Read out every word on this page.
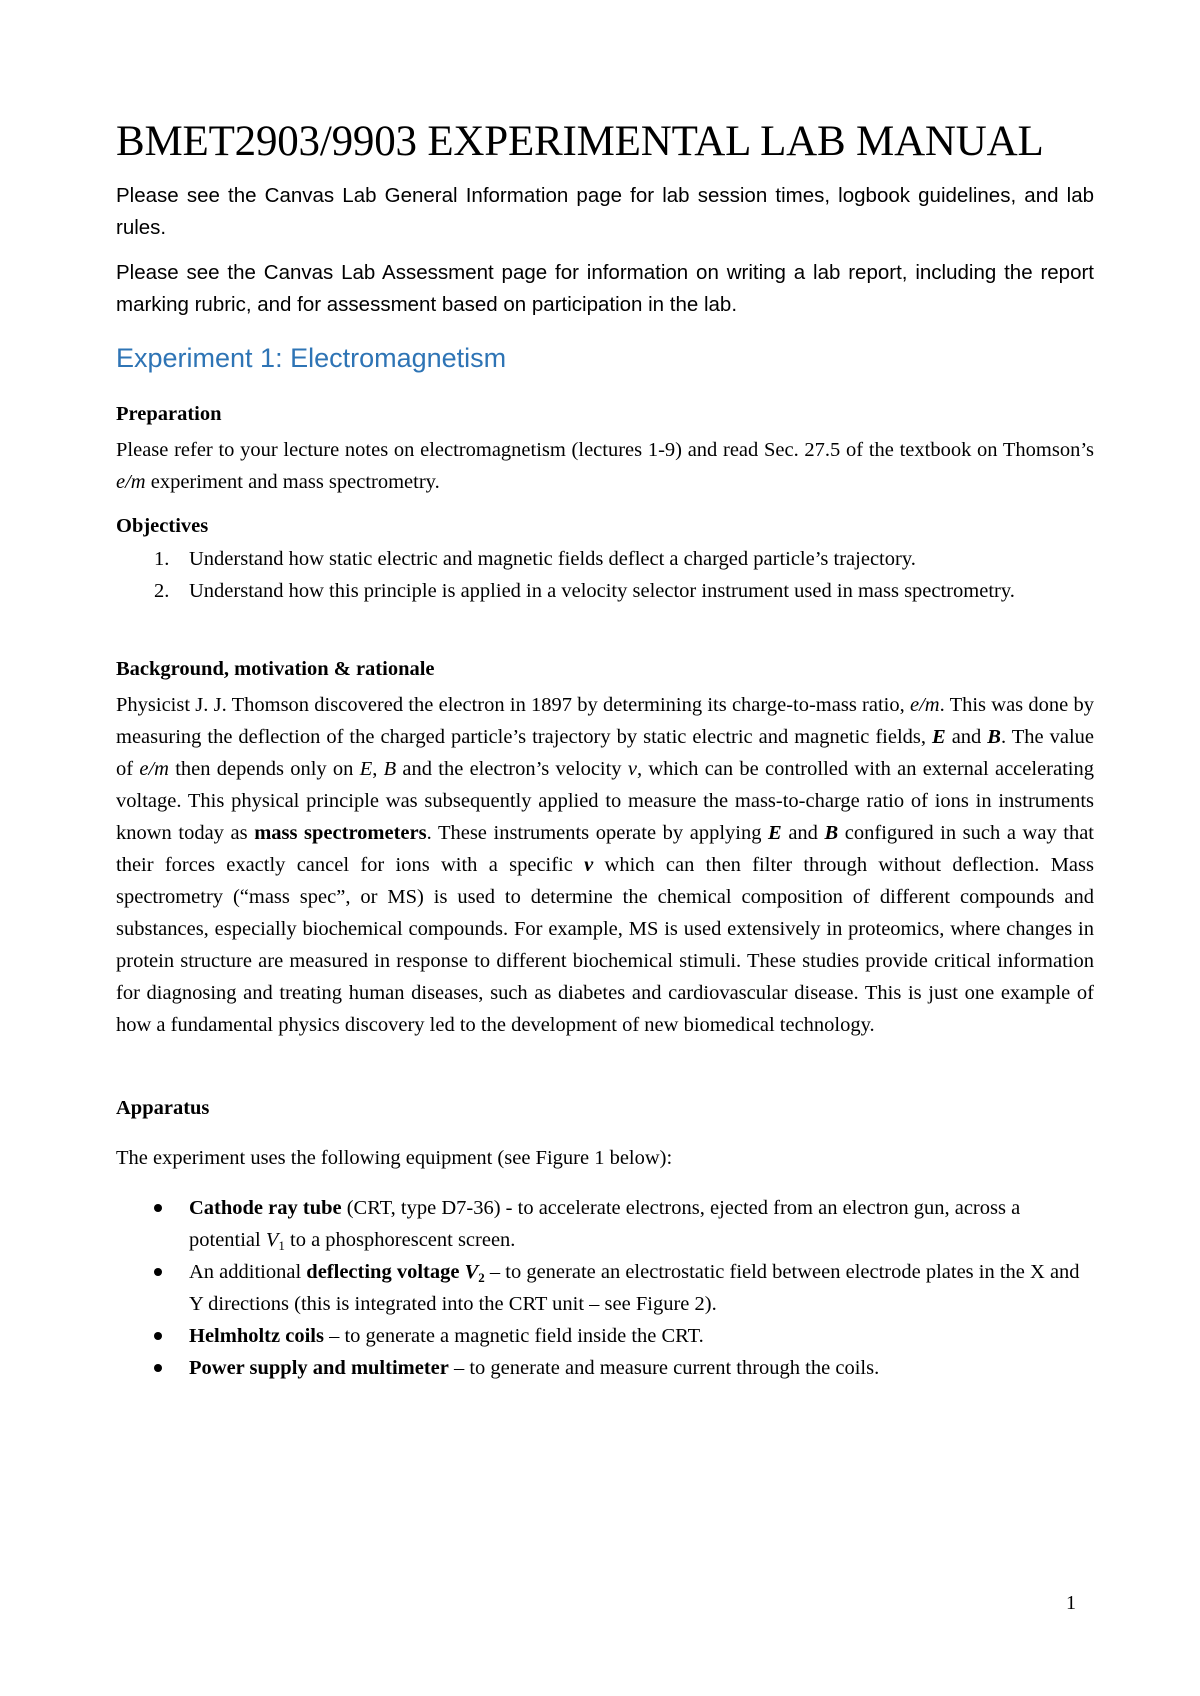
BMET2903/9903 EXPERIMENTAL LAB MANUAL

Please see the Canvas Lab General Information page for lab session times, logbook guidelines, and lab rules.

Please see the Canvas Lab Assessment page for information on writing a lab report, including the report marking rubric, and for assessment based on participation in the lab.

Experiment 1: Electromagnetism
Preparation

Please refer to your lecture notes on electromagnetism (lectures 1-9) and read Sec. 27.5 of the textbook on Thomson’s e/m experiment and mass spectrometry.

Objectives
1. Understand how static electric and magnetic fields deflect a charged particle’s trajectory.
2. Understand how this principle is applied in a velocity selector instrument used in mass spectrometry.
Background, motivation & rationale

Physicist J. J. Thomson discovered the electron in 1897 by determining its charge-to-mass ratio, e/m. This was done by measuring the deflection of the charged particle’s trajectory by static electric and magnetic fields, E and B. The value of e/m then depends only on E, B and the electron’s velocity v, which can be controlled with an external accelerating voltage. This physical principle was subsequently applied to measure the mass-to-charge ratio of ions in instruments known today as mass spectrometers. These instruments operate by applying E and B configured in such a way that their forces exactly cancel for ions with a specific v which can then filter through without deflection. Mass spectrometry (“mass spec”, or MS) is used to determine the chemical composition of different compounds and substances, especially biochemical compounds. For example, MS is used extensively in proteomics, where changes in protein structure are measured in response to different biochemical stimuli. These studies provide critical information for diagnosing and treating human diseases, such as diabetes and cardiovascular disease. This is just one example of how a fundamental physics discovery led to the development of new biomedical technology.

Apparatus

The experiment uses the following equipment (see Figure 1 below):

Cathode ray tube (CRT, type D7-36) - to accelerate electrons, ejected from an electron gun, across a potential $V_1$ to a phosphorescent screen.
An additional deflecting voltage $V_2$ – to generate an electrostatic field between electrode plates in the X and Y directions (this is integrated into the CRT unit – see Figure 2).
Helmholtz coils – to generate a magnetic field inside the CRT.
Power supply and multimeter – to generate and measure current through the coils.
1
